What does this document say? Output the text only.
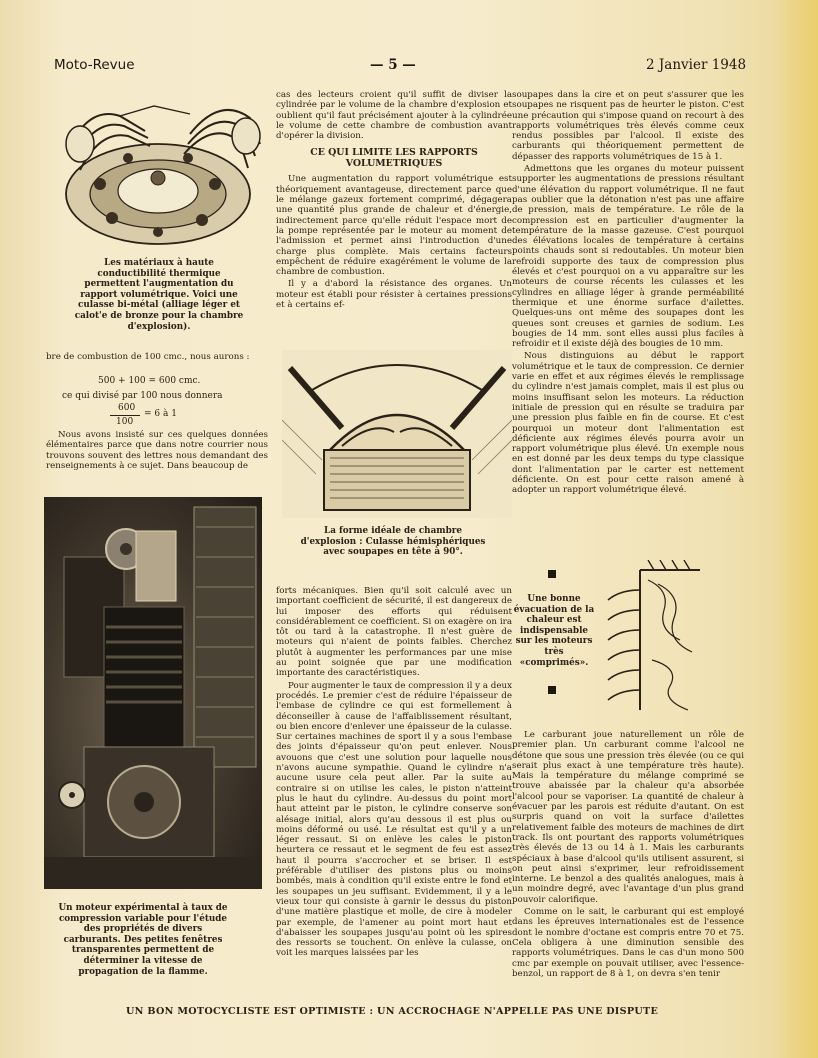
Moto-Revue	— 5 —	2 Janvier 1948
Les matériaux à haute conductibilité thermique permettent l'augmentation du rapport volumétrique. Voici une culasse bi-métal (alliage léger et calot'e de bronze pour la chambre d'explosion).

bre de combustion de 100 cmc., nous aurons :

500 + 100 = 600 cmc.
ce qui divisé par 100 nous donnera
600
= 6 à 1
100

Nous avons insisté sur ces quelques données élémentaires parce que dans notre courrier nous trouvons souvent des lettres nous demandant des renseignements à ce sujet. Dans beaucoup de

Un moteur expérimental à taux de compression variable pour l'étude des propriétés de divers carburants. Des petites fenêtres transparentes permettent de déterminer la vitesse de propagation de la flamme.

cas des lecteurs croient qu'il suffit de diviser la cylindrée par le volume de la chambre d'explosion et oublient qu'il faut précisément ajouter à la cylindrée le volume de cette chambre de combustion avant d'opérer la division.

CE QUI LIMITE LES RAPPORTS VOLUMETRIQUES

Une augmentation du rapport volumétrique est théoriquement avantageuse, directement parce que le mélange gazeux fortement comprimé, dégagera une quantité plus grande de chaleur et d'énergie, indirectement parce qu'elle réduit l'espace mort de la pompe représentée par le moteur au moment de l'admission et permet ainsi l'introduction d'une charge plus complète. Mais certains facteurs empêchent de réduire exagérément le volume de la chambre de combustion.

Il y a d'abord la résistance des organes. Un moteur est établi pour résister à certaines pressions et à certains ef-

La forme idéale de chambre d'explosion : Culasse hémisphériques avec soupapes en tête à 90°.

forts mécaniques. Bien qu'il soit calculé avec un important coefficient de sécurité, il est dangereux de lui imposer des efforts qui réduisent considérablement ce coefficient. Si on exagère on ira tôt ou tard à la catastrophe. Il n'est guère de moteurs qui n'aient de points faibles. Cherchez plutôt à augmenter les performances par une mise au point soignée que par une modification importante des caractéristiques.

Pour augmenter le taux de compression il y a deux procédés. Le premier c'est de réduire l'épaisseur de l'embase de cylindre ce qui est formellement à déconseiller à cause de l'affaiblissement résultant, ou bien encore d'enlever une épaisseur de la culasse. Sur certaines machines de sport il y a sous l'embase des joints d'épaisseur qu'on peut enlever. Nous avouons que c'est une solution pour laquelle nous n'avons aucune sympathie. Quand le cylindre n'a aucune usure cela peut aller. Par la suite au contraire si on utilise les cales, le piston n'atteint plus le haut du cylindre. Au-dessus du point mort haut atteint par le piston, le cylindre conserve son alésage initial, alors qu'au dessous il est plus ou moins déformé ou usé. Le résultat est qu'il y a un léger ressaut. Si on enlève les cales le piston heurtera ce ressaut et le segment de feu est assez haut il pourra s'accrocher et se briser. Il est préférable d'utiliser des pistons plus ou moins bombés, mais à condition qu'il existe entre le fond et les soupapes un jeu suffisant. Evidemment, il y a le vieux tour qui consiste à garnir le dessus du piston d'une matière plastique et molle, de cire à modeler par exemple, de l'amener au point mort haut et d'abaisser les soupapes jusqu'au point où les spires des ressorts se touchent. On enlève la culasse, on voit les marques laissées par les

soupapes dans la cire et on peut s'assurer que les soupapes ne risquent pas de heurter le piston. C'est une précaution qui s'impose quand on recourt à des rapports volumétriques très élevés comme ceux rendus possibles par l'alcool. Il existe des carburants qui théoriquement permettent de dépasser des rapports volumétriques de 15 à 1.

Admettons que les organes du moteur puissent supporter les augmentations de pressions résultant d'une élévation du rapport volumétrique. Il ne faut pas oublier que la détonation n'est pas une affaire de pression, mais de température. Le rôle de la compression est en particulier d'augmenter la température de la masse gazeuse. C'est pourquoi des élévations locales de température à certains points chauds sont si redoutables. Un moteur bien refroidi supporte des taux de compression plus élevés et c'est pourquoi on a vu apparaître sur les moteurs de course récents les culasses et les cylindres en alliage léger à grande perméabilité thermique et une énorme surface d'ailettes. Quelques-uns ont même des soupapes dont les queues sont creuses et garnies de sodium. Les bougies de 14 mm. sont elles aussi plus faciles à refroidir et il existe déjà des bougies de 10 mm.

Nous distinguions au début le rapport volumétrique et le taux de compression. Ce dernier varie en effet et aux régimes élevés le remplissage du cylindre n'est jamais complet, mais il est plus ou moins insuffisant selon les moteurs. La réduction initiale de pression qui en résulte se traduira par une pression plus faible en fin de course. Et c'est pourquoi un moteur dont l'alimentation est déficiente aux régimes élevés pourra avoir un rapport volumétrique plus élevé. Un exemple nous en est donné par les deux temps du type classique dont l'alimentation par le carter est nettement déficiente. On est pour cette raison amené à adopter un rapport volumétrique élevé.

Une bonne évacuation de la chaleur est indispensable sur les moteurs très «comprimés».

Le carburant joue naturellement un rôle de premier plan. Un carburant comme l'alcool ne détone que sous une pression très élevée (ou ce qui serait plus exact à une température très haute). Mais la température du mélange comprimé se trouve abaissée par la chaleur qu'a absorbée l'alcool pour se vaporiser. La quantité de chaleur à évacuer par les parois est réduite d'autant. On est surpris quand on voit la surface d'ailettes relativement faible des moteurs de machines de dirt track. Ils ont pourtant des rapports volumétriques très élevés de 13 ou 14 à 1. Mais les carburants spéciaux à base d'alcool qu'ils utilisent assurent, si on peut ainsi s'exprimer, leur refroidissement interne. Le benzol a des qualités analogues, mais à un moindre degré, avec l'avantage d'un plus grand pouvoir calorifique.

Comme on le sait, le carburant qui est employé dans les épreuves internationales est de l'essence dont le nombre d'octane est compris entre 70 et 75. Cela obligera à une diminution sensible des rapports volumétriques. Dans le cas d'un mono 500 cmc par exemple on pouvait utiliser, avec l'essence-benzol, un rapport de 8 à 1, on devra s'en tenir

UN BON MOTOCYCLISTE EST OPTIMISTE : UN ACCROCHAGE N'APPELLE PAS UNE DISPUTE
